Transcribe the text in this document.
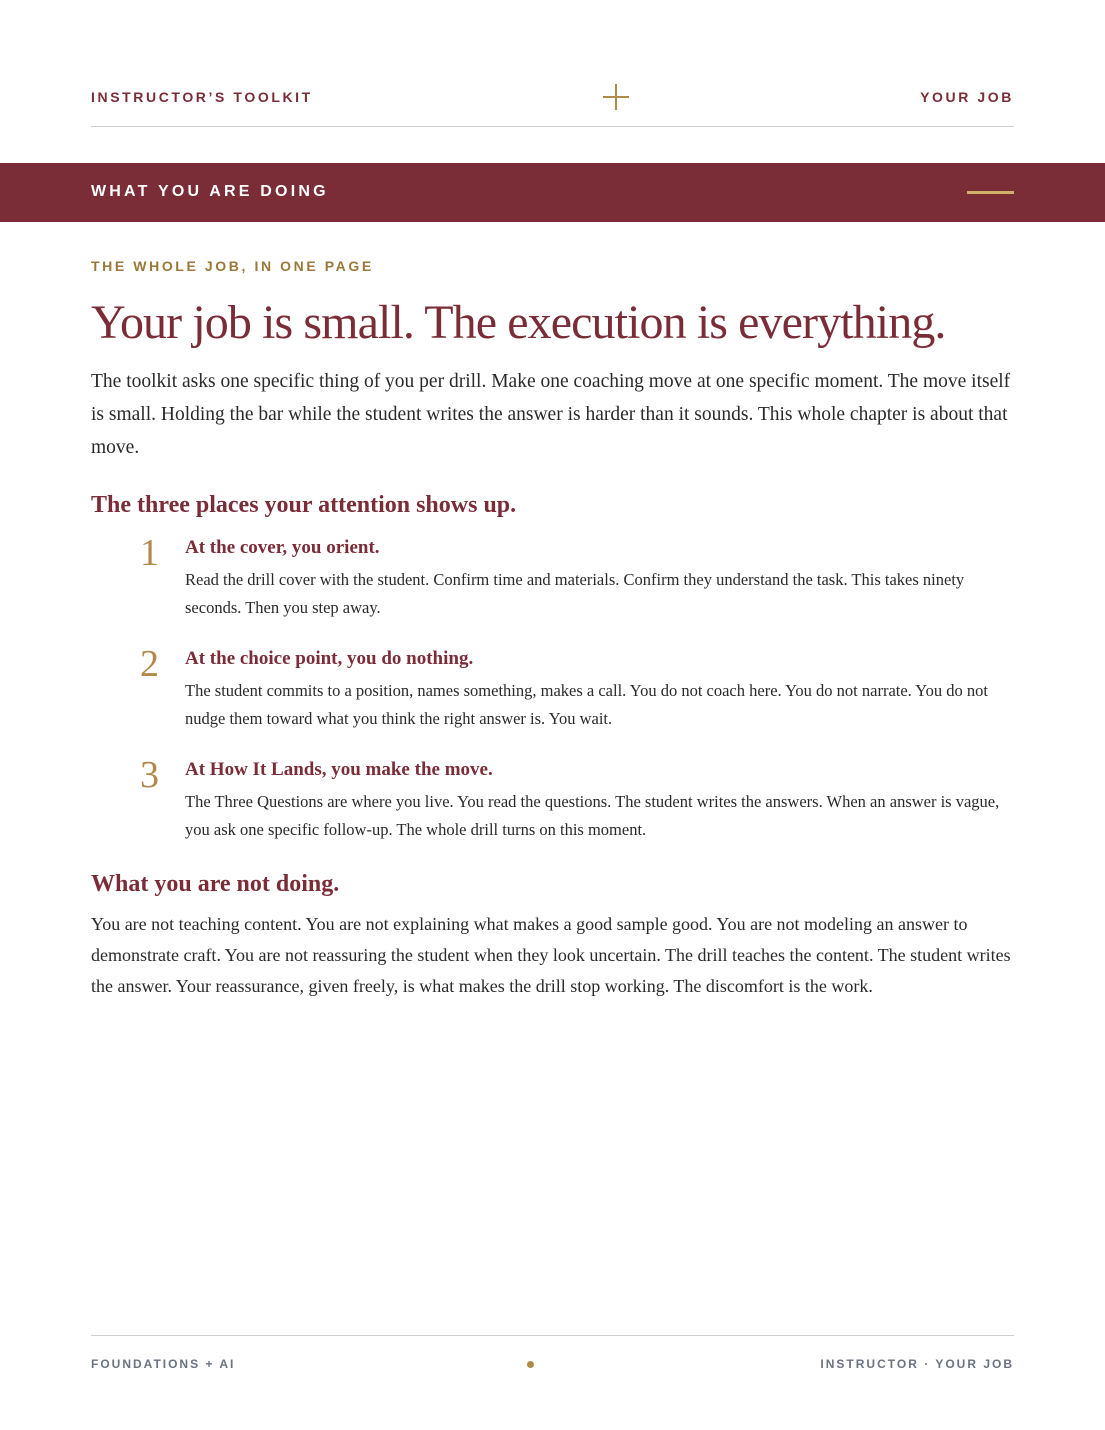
INSTRUCTOR’S TOOLKIT	YOUR JOB
WHAT YOU ARE DOING

THE WHOLE JOB, IN ONE PAGE

Your job is small. The execution is everything.

The toolkit asks one specific thing of you per drill. Make one coaching move at one specific moment. The move itself is small. Holding the bar while the student writes the answer is harder than it sounds. This whole chapter is about that move.

The three places your attention shows up.
1 At the cover, you orient.

Read the drill cover with the student. Confirm time and materials. Confirm they understand the task. This takes ninety seconds. Then you step away.

2 At the choice point, you do nothing.

The student commits to a position, names something, makes a call. You do not coach here. You do not narrate. You do not nudge them toward what you think the right answer is. You wait.

3 At How It Lands, you make the move.

The Three Questions are where you live. You read the questions. The student writes the answers. When an answer is vague, you ask one specific follow-up. The whole drill turns on this moment.

What you are not doing.

You are not teaching content. You are not explaining what makes a good sample good. You are not modeling an answer to demonstrate craft. You are not reassuring the student when they look uncertain. The drill teaches the content. The student writes the answer. Your reassurance, given freely, is what makes the drill stop working. The discomfort is the work.

FOUNDATIONS + AI	INSTRUCTOR · YOUR JOB
